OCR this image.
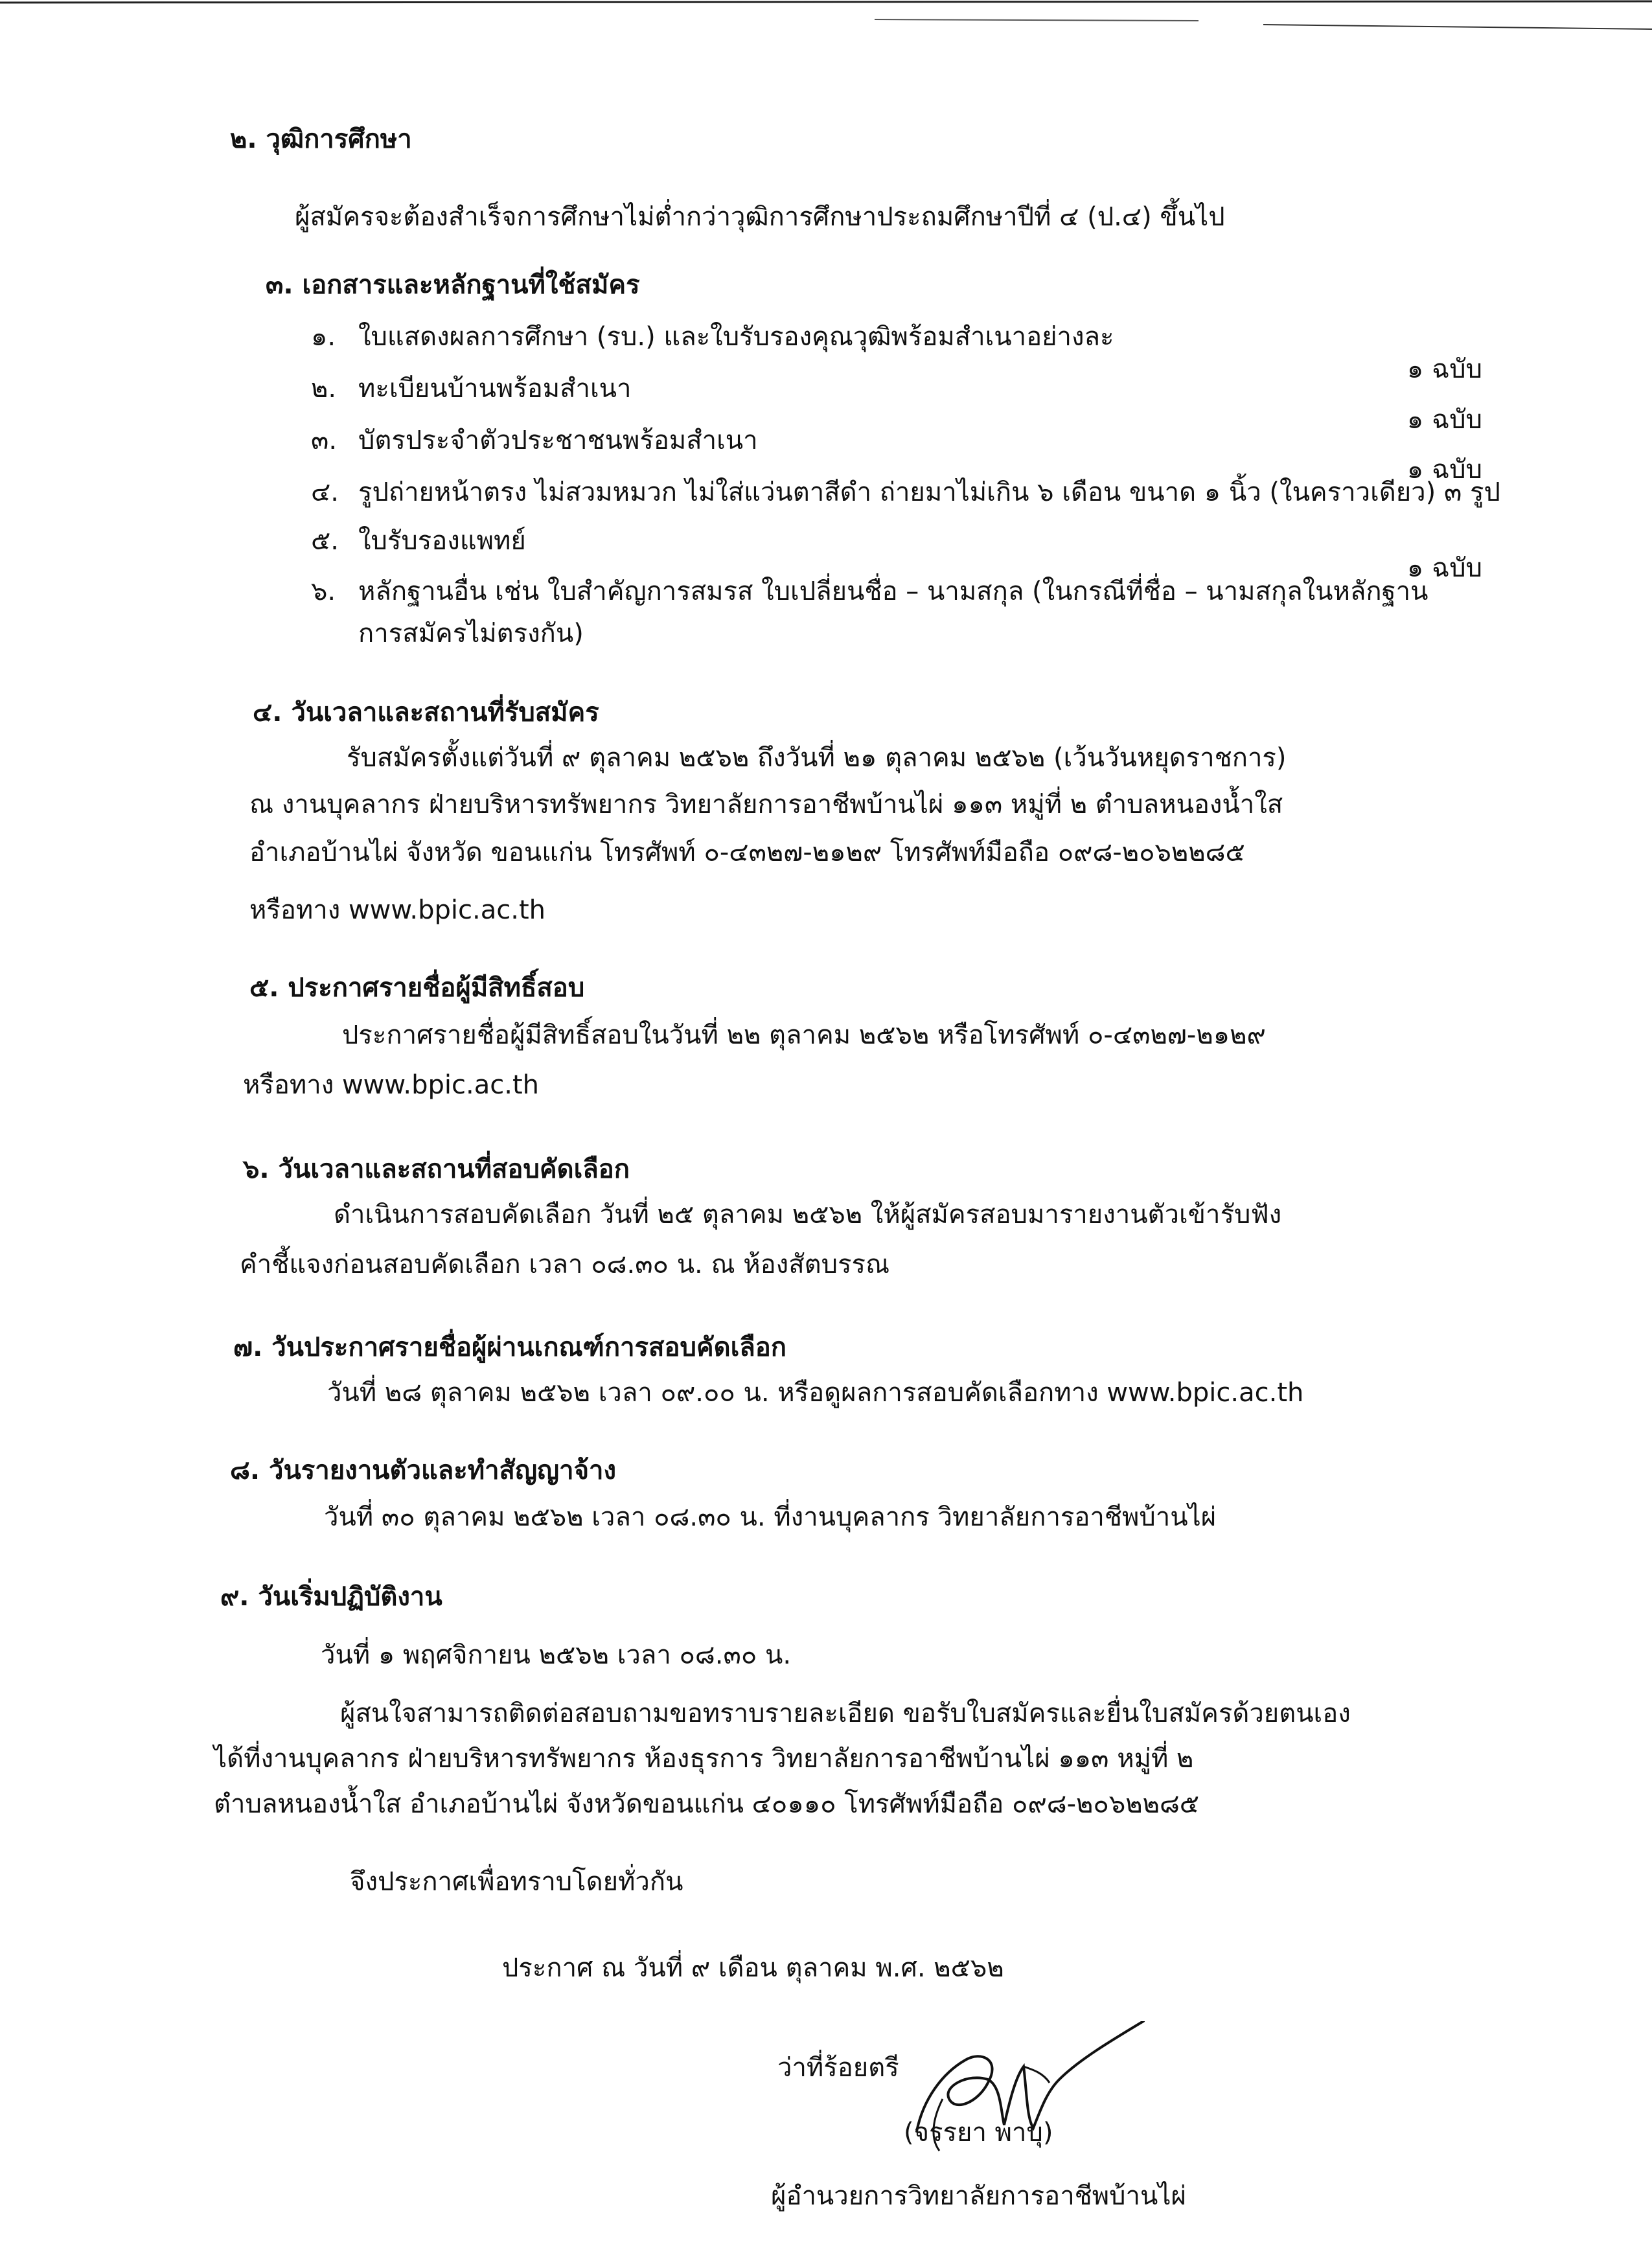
๒. วุฒิการศึกษา
ผู้สมัครจะต้องสำเร็จการศึกษาไม่ต่ำกว่าวุฒิการศึกษาประถมศึกษาปีที่ ๔ (ป.๔) ขึ้นไป
๓. เอกสารและหลักฐานที่ใช้สมัคร
๑. ใบแสดงผลการศึกษา (รบ.) และใบรับรองคุณวุฒิพร้อมสำเนาอย่างละ
๑ ฉบับ
๒. ทะเบียนบ้านพร้อมสำเนา
๑ ฉบับ
๓. บัตรประจำตัวประชาชนพร้อมสำเนา
๑ ฉบับ
๔. รูปถ่ายหน้าตรง ไม่สวมหมวก ไม่ใส่แว่นตาสีดำ ถ่ายมาไม่เกิน ๖ เดือน ขนาด ๑ นิ้ว (ในคราวเดียว) ๓ รูป
๕. ใบรับรองแพทย์
๑ ฉบับ
๖. หลักฐานอื่น เช่น ใบสำคัญการสมรส ใบเปลี่ยนชื่อ – นามสกุล (ในกรณีที่ชื่อ – นามสกุลในหลักฐาน
การสมัครไม่ตรงกัน)
๔. วันเวลาและสถานที่รับสมัคร
รับสมัครตั้งแต่วันที่ ๙ ตุลาคม ๒๕๖๒ ถึงวันที่ ๒๑ ตุลาคม ๒๕๖๒ (เว้นวันหยุดราชการ)
ณ งานบุคลากร ฝ่ายบริหารทรัพยากร วิทยาลัยการอาชีพบ้านไผ่ ๑๑๓ หมู่ที่ ๒ ตำบลหนองน้ำใส
อำเภอบ้านไผ่ จังหวัด ขอนแก่น โทรศัพท์ ๐-๔๓๒๗-๒๑๒๙ โทรศัพท์มือถือ ๐๙๘-๒๐๖๒๒๘๕
หรือทาง www.bpic.ac.th
๕. ประกาศรายชื่อผู้มีสิทธิ์สอบ
ประกาศรายชื่อผู้มีสิทธิ์สอบในวันที่ ๒๒ ตุลาคม ๒๕๖๒ หรือโทรศัพท์ ๐-๔๓๒๗-๒๑๒๙
หรือทาง www.bpic.ac.th
๖. วันเวลาและสถานที่สอบคัดเลือก
ดำเนินการสอบคัดเลือก วันที่ ๒๕ ตุลาคม ๒๕๖๒ ให้ผู้สมัครสอบมารายงานตัวเข้ารับฟัง
คำชี้แจงก่อนสอบคัดเลือก เวลา ๐๘.๓๐ น. ณ ห้องสัตบรรณ
๗. วันประกาศรายชื่อผู้ผ่านเกณฑ์การสอบคัดเลือก
วันที่ ๒๘ ตุลาคม ๒๕๖๒ เวลา ๐๙.๐๐ น. หรือดูผลการสอบคัดเลือกทาง www.bpic.ac.th
๘. วันรายงานตัวและทำสัญญาจ้าง
วันที่ ๓๐ ตุลาคม ๒๕๖๒ เวลา ๐๘.๓๐ น. ที่งานบุคลากร วิทยาลัยการอาชีพบ้านไผ่
๙. วันเริ่มปฏิบัติงาน
วันที่ ๑ พฤศจิกายน ๒๕๖๒ เวลา ๐๘.๓๐ น.
ผู้สนใจสามารถติดต่อสอบถามขอทราบรายละเอียด ขอรับใบสมัครและยื่นใบสมัครด้วยตนเอง
ได้ที่งานบุคลากร ฝ่ายบริหารทรัพยากร ห้องธุรการ วิทยาลัยการอาชีพบ้านไผ่ ๑๑๓ หมู่ที่ ๒
ตำบลหนองน้ำใส อำเภอบ้านไผ่ จังหวัดขอนแก่น ๔๐๑๑๐ โทรศัพท์มือถือ ๐๙๘-๒๐๖๒๒๘๕
จึงประกาศเพื่อทราบโดยทั่วกัน
ประกาศ ณ วันที่ ๙ เดือน ตุลาคม พ.ศ. ๒๕๖๒
ว่าที่ร้อยตรี
(จรรยา พาบุ)
ผู้อำนวยการวิทยาลัยการอาชีพบ้านไผ่
